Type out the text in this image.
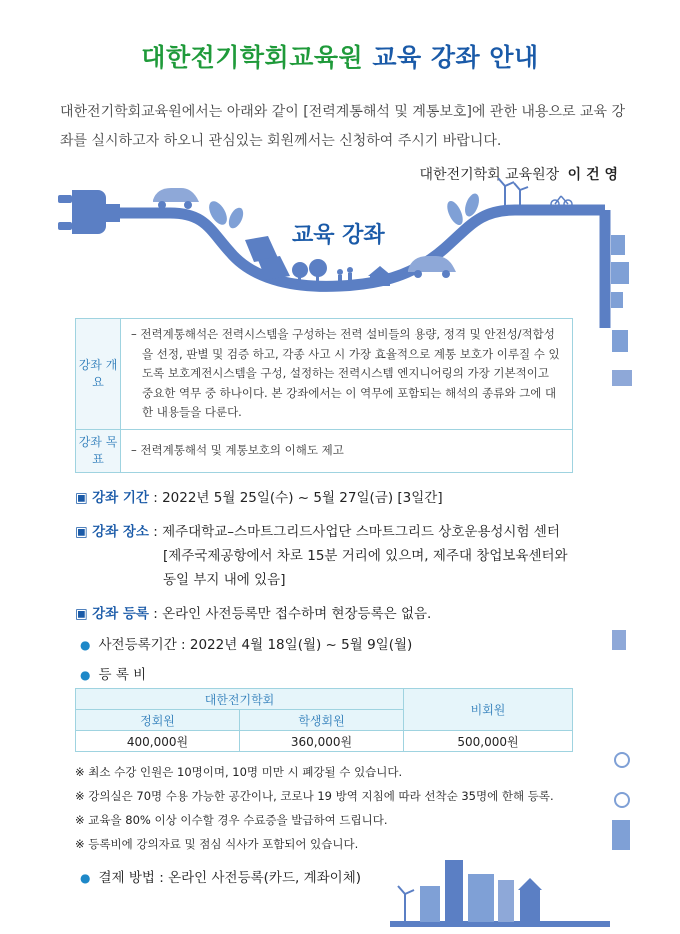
대한전기학회교육원 교육 강좌 안내
대한전기학회교육원에서는 아래와 같이 [전력계통해석 및 계통보호]에 관한 내용으로 교육 강좌를 실시하고자 하오니 관심있는 회원께서는 신청하여 주시기 바랍니다.
대한전기학회 교육원장 이 건 영
교육 강좌
강좌 개요	– 전력계통해석은 전력시스템을 구성하는 전력 설비들의 용량, 정격 및 안전성/적합성을 선정, 판별 및 검증 하고, 각종 사고 시 가장 효율적으로 계통 보호가 이루질 수 있도록 보호계전시스템을 구성, 설정하는 전력시스템 엔지니어링의 가장 기본적이고 중요한 역무 중 하나이다. 본 강좌에서는 이 역무에 포함되는 해석의 종류와 그에 대한 내용들을 다룬다.

강좌 목표	– 전력계통해석 및 계통보호의 이해도 제고
▣ 강좌 기간 : 2022년 5월 25일(수) ~ 5월 27일(금) [3일간]
▣ 강좌 장소 : 제주대학교–스마트그리드사업단 스마트그리드 상호운용성시험 센터
[제주국제공항에서 차로 15분 거리에 있으며, 제주대 창업보육센터와
동일 부지 내에 있음]
▣ 강좌 등록 : 온라인 사전등록만 접수하며 현장등록은 없음.
● 사전등록기간 : 2022년 4월 18일(월) ~ 5월 9일(월)
● 등 록 비
대한전기학회		비회원
정회원	학생회원	
400,000원	360,000원	500,000원
※ 최소 수강 인원은 10명이며, 10명 미만 시 폐강될 수 있습니다.
※ 강의실은 70명 수용 가능한 공간이나, 코로나 19 방역 지침에 따라 선착순 35명에 한해 등록.
※ 교육을 80% 이상 이수할 경우 수료증을 발급하여 드립니다.
※ 등록비에 강의자료 및 점심 식사가 포함되어 있습니다.
● 결제 방법 : 온라인 사전등록(카드, 계좌이체)
